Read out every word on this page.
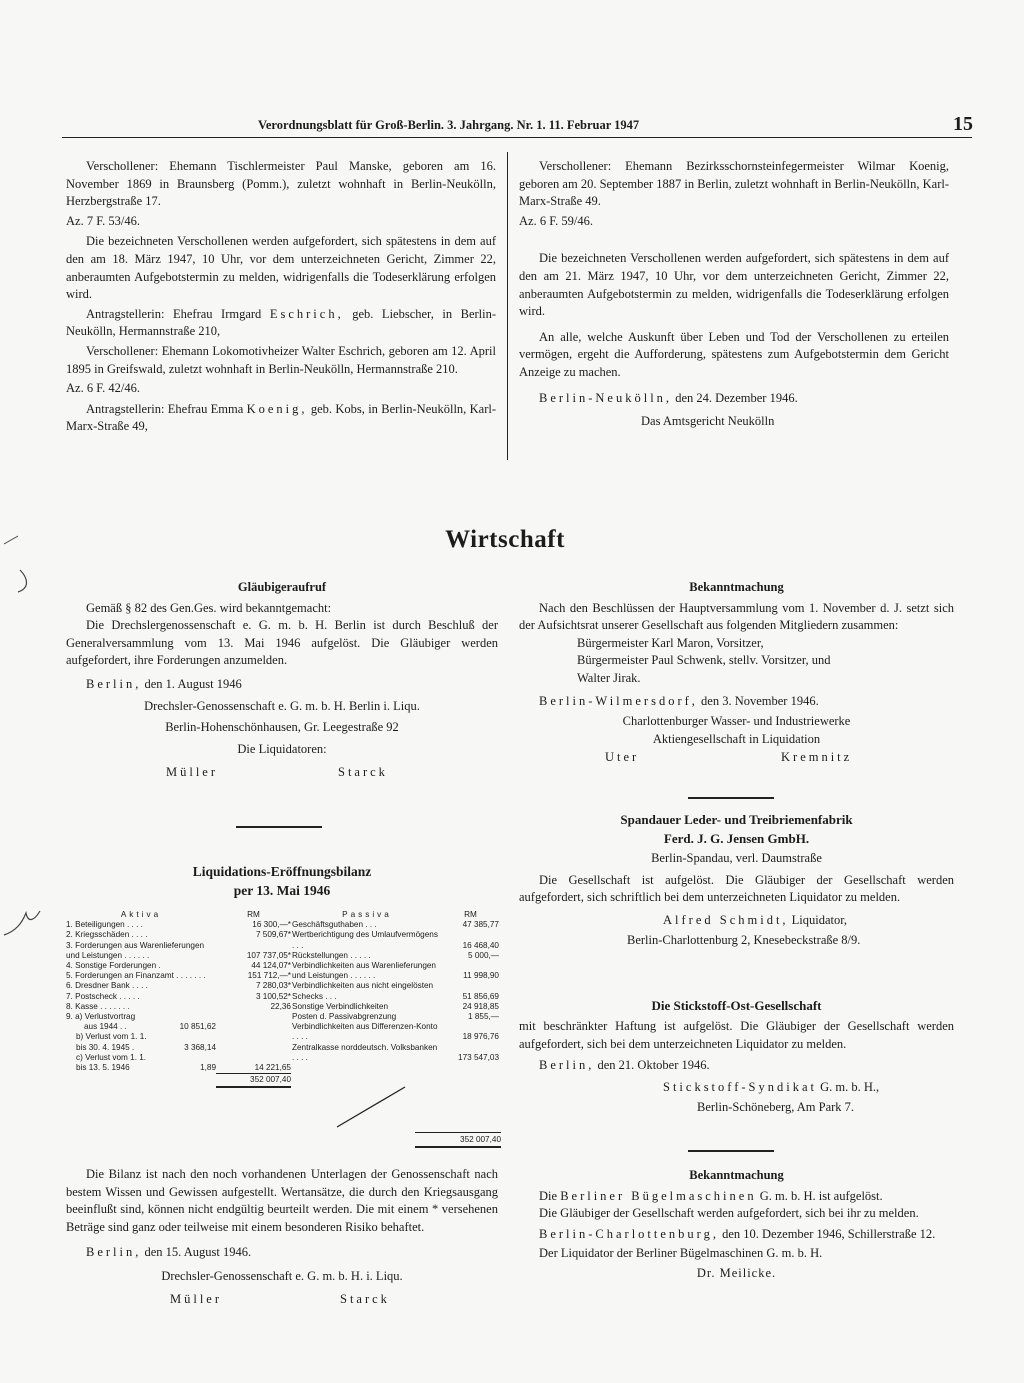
Verordnungsblatt für Groß-Berlin. 3. Jahrgang. Nr. 1. 11. Februar 1947	15

Verschollener: Ehemann Tischlermeister Paul Manske, geboren am 16. November 1869 in Braunsberg (Pomm.), zuletzt wohnhaft in Berlin-Neukölln, Herzbergstraße 17.

Az. 7 F. 53/46.

Die bezeichneten Verschollenen werden aufgefordert, sich spätestens in dem auf den am 18. März 1947, 10 Uhr, vor dem unterzeichneten Gericht, Zimmer 22, anberaumten Aufgebotstermin zu melden, widrigenfalls die Todeserklärung erfolgen wird.

Antragstellerin: Ehefrau Irmgard Eschrich, geb. Liebscher, in Berlin-Neukölln, Hermannstraße 210,

Verschollener: Ehemann Lokomotivheizer Walter Eschrich, geboren am 12. April 1895 in Greifswald, zuletzt wohnhaft in Berlin-Neukölln, Hermannstraße 210.

Az. 6 F. 42/46.

Antragstellerin: Ehefrau Emma Koenig, geb. Kobs, in Berlin-Neukölln, Karl-Marx-Straße 49,

Verschollener: Ehemann Bezirksschornsteinfegermeister Wilmar Koenig, geboren am 20. September 1887 in Berlin, zuletzt wohnhaft in Berlin-Neukölln, Karl-Marx-Straße 49.

Az. 6 F. 59/46.

Die bezeichneten Verschollenen werden aufgefordert, sich spätestens in dem auf den am 21. März 1947, 10 Uhr, vor dem unterzeichneten Gericht, Zimmer 22, anberaumten Aufgebotstermin zu melden, widrigenfalls die Todeserklärung erfolgen wird.

An alle, welche Auskunft über Leben und Tod der Verschollenen zu erteilen vermögen, ergeht die Aufforderung, spätestens zum Aufgebotstermin dem Gericht Anzeige zu machen.

Berlin-Neukölln, den 24. Dezember 1946.

Das Amtsgericht Neukölln

Wirtschaft

Gläubigeraufruf

Gemäß § 82 des Gen.Ges. wird bekanntgemacht:

Die Drechslergenossenschaft e. G. m. b. H. Berlin ist durch Beschluß der Generalversammlung vom 13. Mai 1946 aufgelöst. Die Gläubiger werden aufgefordert, ihre Forderungen anzumelden.

Berlin, den 1. August 1946

Drechsler-Genossenschaft e. G. m. b. H. Berlin i. Liqu.

Berlin-Hohenschönhausen, Gr. Leegestraße 92

Die Liquidatoren:

Müller	Starck

Liquidations-Eröffnungsbilanz

per 13. Mai 1946

Aktiva	RM
1. Beteiligungen . . . .	16 300,—*
2. Kriegsschäden . . . .	7 509,67*
3. Forderungen aus Warenlieferungen und Leistungen . . . . . .	107 737,05*
4. Sonstige Forderungen .	44 124,07*
5. Forderungen an Finanzamt . . . . . . .	151 712,—*
6. Dresdner Bank . . . .	7 280,03*
7. Postscheck . . . . .	3 100,52*
8. Kasse . . . . . . .	22,36
9. a) Verlustvortrag	
aus 1944 . . 10 851,62	

b) Verlust vom 1. 1. bis 30. 4. 1945 . 3 368,14	

c) Verlust vom 1. 1. bis 13. 5. 1946 1,89	14 221,65
	352 007,40
Passiva	RM
Geschäftsguthaben . . .	47 385,77
Wertberichtigung des Umlaufvermögens . . .	16 468,40
Rückstellungen . . . . .	5 000,—
Verbindlichkeiten aus Warenlieferungen und Leistungen . . . . . .	11 998,90
Verbindlichkeiten aus nicht eingelösten Schecks . . .	51 856,69
Sonstige Verbindlichkeiten	24 918,85
Posten d. Passivabgrenzung	1 855,—
Verbindlichkeiten aus Differenzen-Konto . . . .	18 976,76
Zentralkasse norddeutsch. Volksbanken . . . .	173 547,03
352 007,40

Die Bilanz ist nach den noch vorhandenen Unterlagen der Genossenschaft nach bestem Wissen und Gewissen aufgestellt. Wertansätze, die durch den Kriegsausgang beeinflußt sind, können nicht endgültig beurteilt werden. Die mit einem * versehenen Beträge sind ganz oder teilweise mit einem besonderen Risiko behaftet.

Berlin, den 15. August 1946.

Drechsler-Genossenschaft e. G. m. b. H. i. Liqu.

Müller	Starck

Bekanntmachung

Nach den Beschlüssen der Hauptversammlung vom 1. November d. J. setzt sich der Aufsichtsrat unserer Gesellschaft aus folgenden Mitgliedern zusammen:

Bürgermeister Karl Maron, Vorsitzer,

Bürgermeister Paul Schwenk, stellv. Vorsitzer, und

Walter Jirak.

Berlin-Wilmersdorf, den 3. November 1946.

Charlottenburger Wasser- und Industriewerke

Aktiengesellschaft in Liquidation

Uter	Kremnitz

Spandauer Leder- und Treibriemenfabrik

Ferd. J. G. Jensen GmbH.

Berlin-Spandau, verl. Daumstraße

Die Gesellschaft ist aufgelöst. Die Gläubiger der Gesellschaft werden aufgefordert, sich schriftlich bei dem unterzeichneten Liquidator zu melden.

Alfred Schmidt, Liquidator,

Berlin-Charlottenburg 2, Knesebeckstraße 8/9.

Die Stickstoff-Ost-Gesellschaft

mit beschränkter Haftung ist aufgelöst. Die Gläubiger der Gesellschaft werden aufgefordert, sich bei dem unterzeichneten Liquidator zu melden.

Berlin, den 21. Oktober 1946.

Stickstoff-Syndikat G. m. b. H.,

Berlin-Schöneberg, Am Park 7.

Bekanntmachung

Die Berliner Bügelmaschinen G. m. b. H. ist aufgelöst.

Die Gläubiger der Gesellschaft werden aufgefordert, sich bei ihr zu melden.

Berlin-Charlottenburg, den 10. Dezember 1946, Schillerstraße 12.

Der Liquidator der Berliner Bügelmaschinen G. m. b. H.

Dr. Meilicke.
